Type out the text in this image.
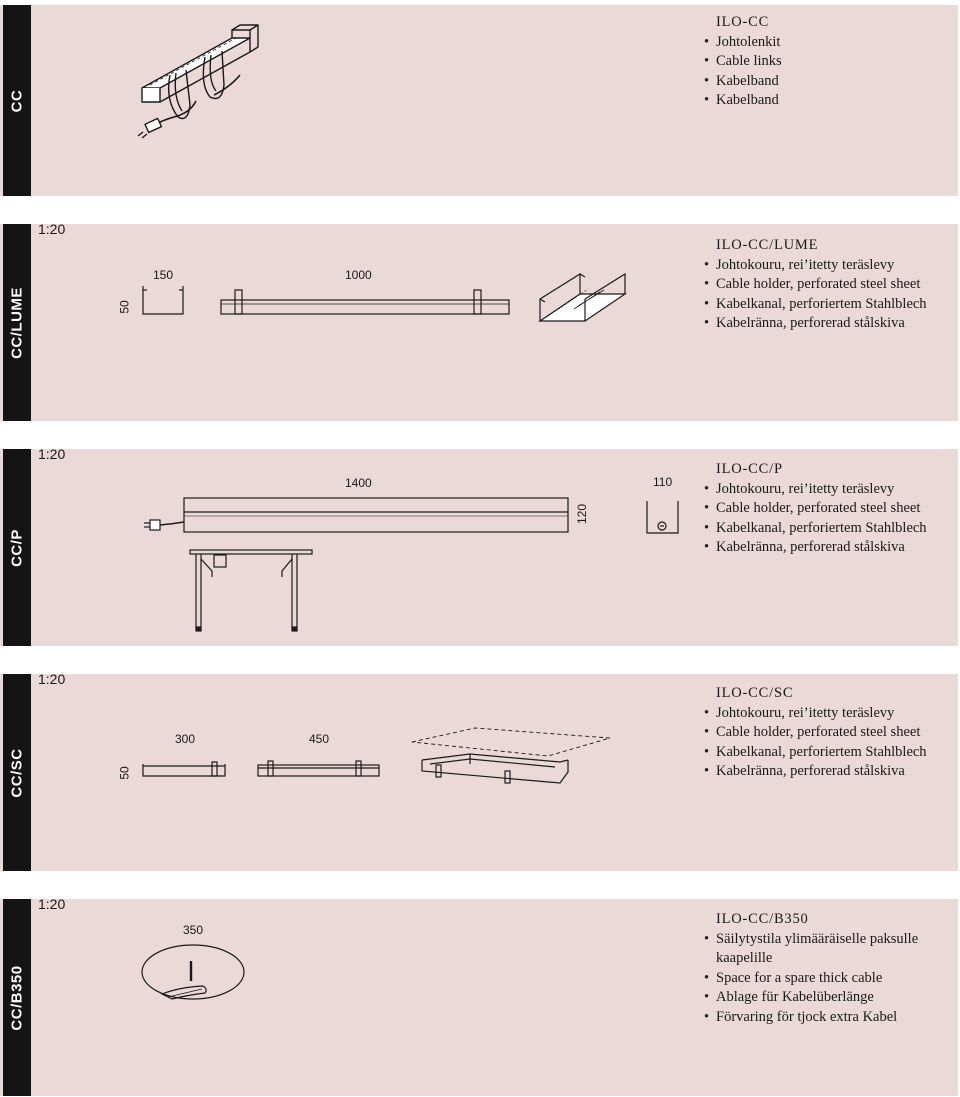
CC
ILO-CC
• Johtolenkit
• Cable links
• Kabelband
• Kabelband
CC/LUME
1:20
50
150	1000
ILO-CC/LUME
• Johtokouru, rei’itetty teräslevy
• Cable holder, perforated steel sheet
• Kabelkanal, perforiertem Stahlblech
• Kabelränna, perforerad stålskiva
CC/P
1:20
1400
120
110
ILO-CC/P
• Johtokouru, rei’itetty teräslevy
• Cable holder, perforated steel sheet
• Kabelkanal, perforiertem Stahlblech
• Kabelränna, perforerad stålskiva
CC/SC
1:20
50
300	450
ILO-CC/SC
• Johtokouru, rei’itetty teräslevy
• Cable holder, perforated steel sheet
• Kabelkanal, perforiertem Stahlblech
• Kabelränna, perforerad stålskiva
CC/B350
1:20
350
ILO-CC/B350
• Säilytystila ylimääräiselle paksulle kaapelille
• Space for a spare thick cable
• Ablage für Kabelüberlänge
• Förvaring för tjock extra Kabel
